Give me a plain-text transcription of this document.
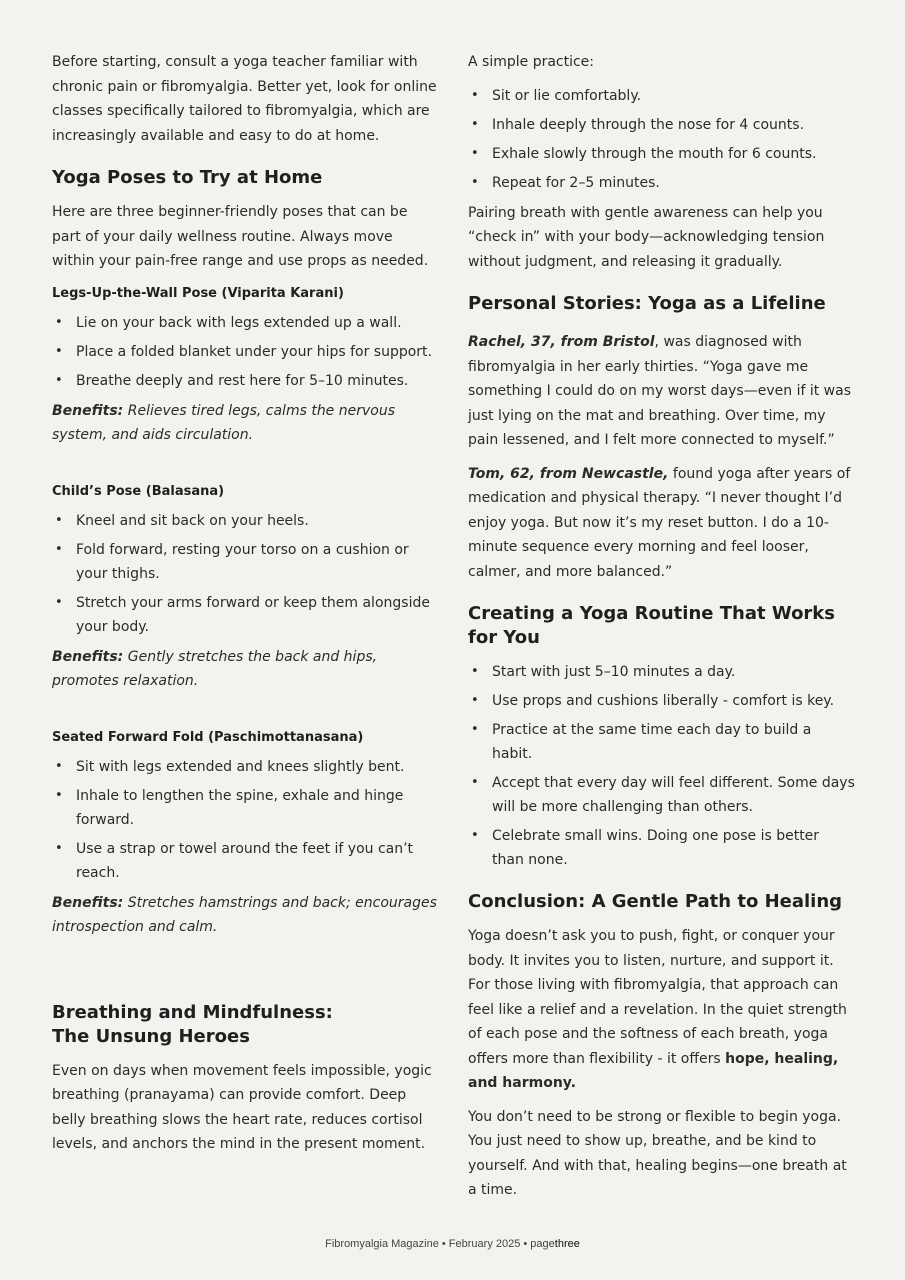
Before starting, consult a yoga teacher familiar with chronic pain or fibromyalgia. Better yet, look for online classes specifically tailored to fibromyalgia, which are increasingly available and easy to do at home.

Yoga Poses to Try at Home

Here are three beginner-friendly poses that can be part of your daily wellness routine. Always move within your pain-free range and use props as needed.

Legs-Up-the-Wall Pose (Viparita Karani)
• Lie on your back with legs extended up a wall.
• Place a folded blanket under your hips for support.
• Breathe deeply and rest here for 5–10 minutes.

Benefits: Relieves tired legs, calms the nervous system, and aids circulation.

Child’s Pose (Balasana)
• Kneel and sit back on your heels.
• Fold forward, resting your torso on a cushion or your thighs.
• Stretch your arms forward or keep them alongside your body.

Benefits: Gently stretches the back and hips, promotes relaxation.

Seated Forward Fold (Paschimottanasana)
• Sit with legs extended and knees slightly bent.
• Inhale to lengthen the spine, exhale and hinge forward.
• Use a strap or towel around the feet if you can’t reach.

Benefits: Stretches hamstrings and back; encourages introspection and calm.

Breathing and Mindfulness:
The Unsung Heroes

Even on days when movement feels impossible, yogic breathing (pranayama) can provide comfort. Deep belly breathing slows the heart rate, reduces cortisol levels, and anchors the mind in the present moment.

A simple practice:

• Sit or lie comfortably.
• Inhale deeply through the nose for 4 counts.
• Exhale slowly through the mouth for 6 counts.
• Repeat for 2–5 minutes.

Pairing breath with gentle awareness can help you “check in” with your body—acknowledging tension without judgment, and releasing it gradually.

Personal Stories: Yoga as a Lifeline

Rachel, 37, from Bristol, was diagnosed with fibromyalgia in her early thirties. “Yoga gave me something I could do on my worst days—even if it was just lying on the mat and breathing. Over time, my pain lessened, and I felt more connected to myself.”

Tom, 62, from Newcastle, found yoga after years of medication and physical therapy. “I never thought I’d enjoy yoga. But now it’s my reset button. I do a 10-minute sequence every morning and feel looser, calmer, and more balanced.”

Creating a Yoga Routine That Works for You
• Start with just 5–10 minutes a day.
• Use props and cushions liberally - comfort is key.
• Practice at the same time each day to build a habit.
• Accept that every day will feel different. Some days will be more challenging than others.
• Celebrate small wins. Doing one pose is better than none.
Conclusion: A Gentle Path to Healing

Yoga doesn’t ask you to push, fight, or conquer your body. It invites you to listen, nurture, and support it. For those living with fibromyalgia, that approach can feel like a relief and a revelation. In the quiet strength of each pose and the softness of each breath, yoga offers more than flexibility - it offers hope, healing, and harmony.

You don’t need to be strong or flexible to begin yoga. You just need to show up, breathe, and be kind to yourself. And with that, healing begins—one breath at a time.

Fibromyalgia Magazine • February 2025 • pagethree
